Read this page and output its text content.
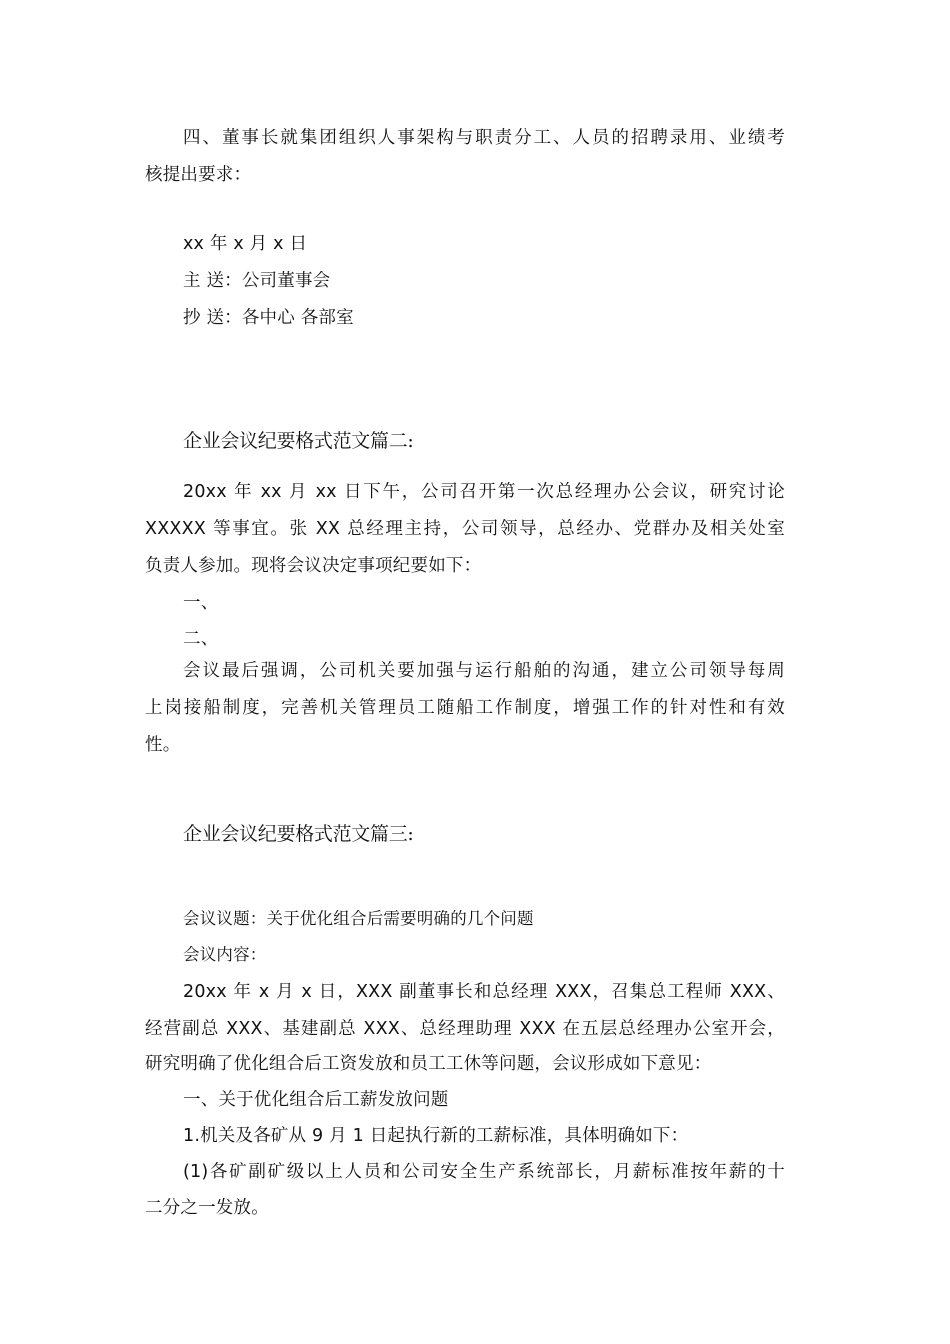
四、董事长就集团组织人事架构与职责分工、人员的招聘录用、业绩考
核提出要求：
xx 年 x 月 x 日
主 送：公司董事会
抄 送：各中心 各部室
企业会议纪要格式范文篇二:
20xx 年 xx 月 xx 日下午，公司召开第一次总经理办公会议，研究讨论
XXXXX 等事宜。张 XX 总经理主持，公司领导，总经办、党群办及相关处室
负责人参加。现将会议决定事项纪要如下：
一、
二、
会议最后强调，公司机关要加强与运行船舶的沟通，建立公司领导每周
上岗接船制度，完善机关管理员工随船工作制度，增强工作的针对性和有效
性。
企业会议纪要格式范文篇三:
会议议题：关于优化组合后需要明确的几个问题
会议内容：
20xx 年 x 月 x 日，XXX 副董事长和总经理 XXX，召集总工程师 XXX、
经营副总 XXX、基建副总 XXX、总经理助理 XXX 在五层总经理办公室开会，
研究明确了优化组合后工资发放和员工工休等问题，会议形成如下意见：
一、关于优化组合后工薪发放问题
1.机关及各矿从 9 月 1 日起执行新的工薪标准，具体明确如下：
(1)各矿副矿级以上人员和公司安全生产系统部长，月薪标准按年薪的十
二分之一发放。
